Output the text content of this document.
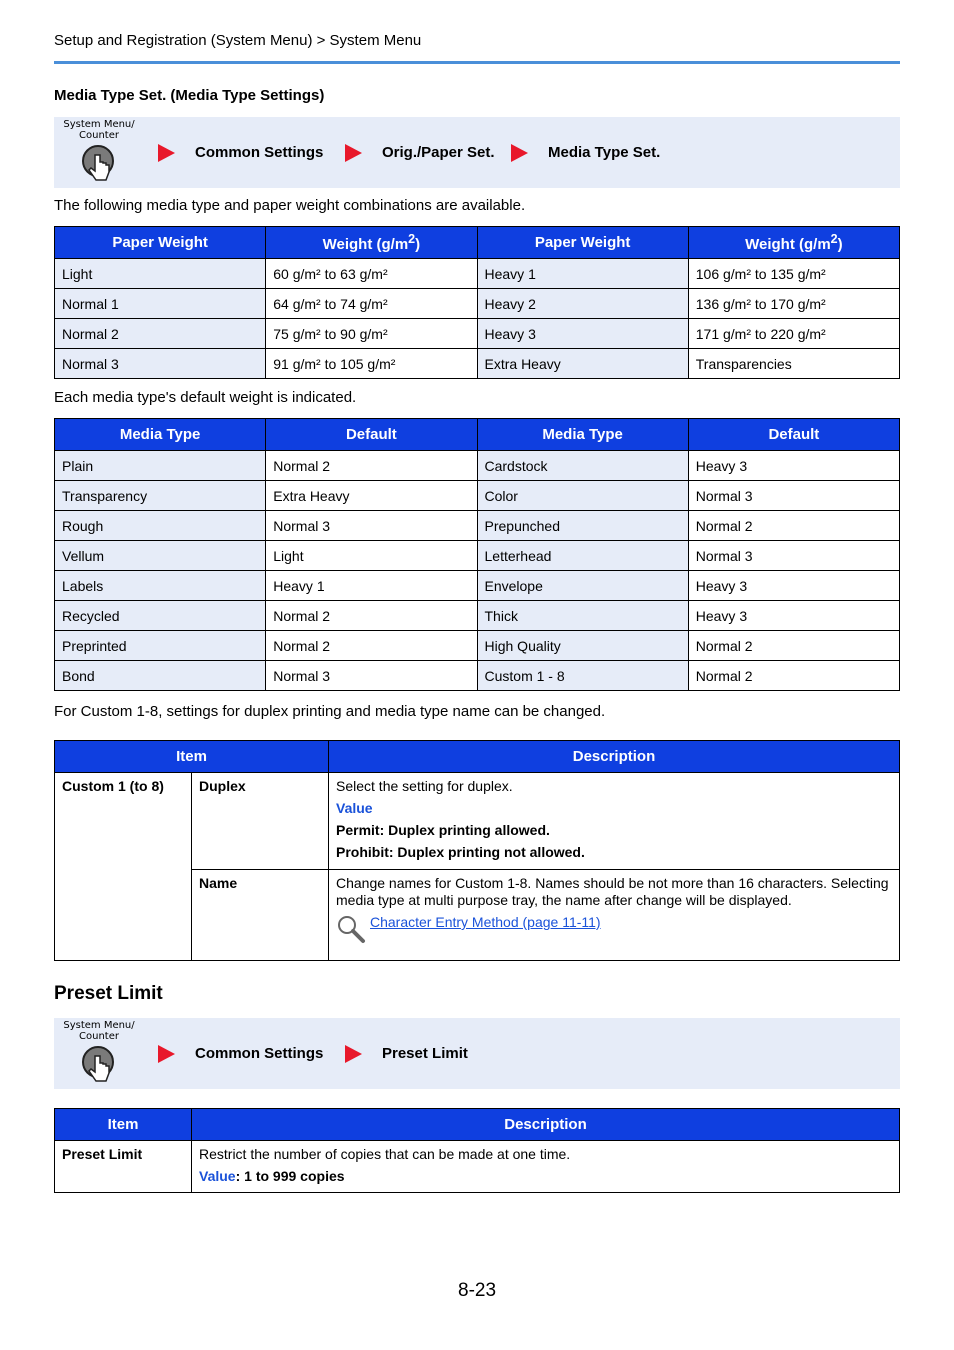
Setup and Registration (System Menu) > System Menu
Media Type Set. (Media Type Settings)
System Menu/ Counter
Common Settings	Orig./Paper Set.	Media Type Set.
The following media type and paper weight combinations are available.
Paper Weight	Weight $(g/m^2)$	Paper Weight	Weight $(g/m^2)$
Light	60 g/m² to 63 g/m²	Heavy 1	106 g/m² to 135 g/m²
Normal 1	64 g/m² to 74 g/m²	Heavy 2	136 g/m² to 170 g/m²
Normal 2	75 g/m² to 90 g/m²	Heavy 3	171 g/m² to 220 g/m²
Normal 3	91 g/m² to 105 g/m²	Extra Heavy	Transparencies
Each media type's default weight is indicated.
Media Type	Default	Media Type	Default
Plain	Normal 2	Cardstock	Heavy 3
Transparency	Extra Heavy	Color	Normal 3
Rough	Normal 3	Prepunched	Normal 2
Vellum	Light	Letterhead	Normal 3
Labels	Heavy 1	Envelope	Heavy 3
Recycled	Normal 2	Thick	Heavy 3
Preprinted	Normal 2	High Quality	Normal 2
Bond	Normal 3	Custom 1 - 8	Normal 2
For Custom 1-8, settings for duplex printing and media type name can be changed.
Item		Description
Custom 1 (to 8)	Duplex	Select the setting for duplex.
Value
Permit: Duplex printing allowed.
Prohibit: Duplex printing not allowed.

	Name	Change names for Custom 1-8. Names should be not more than 16 characters. Selecting media type at multi purpose tray, the name after change will be displayed.
Character Entry Method (page 11-11)
Preset Limit
System Menu/ Counter
Common Settings	Preset Limit
Item	Description
Preset Limit	Restrict the number of copies that can be made at one time.
Value: 1 to 999 copies
8-23
